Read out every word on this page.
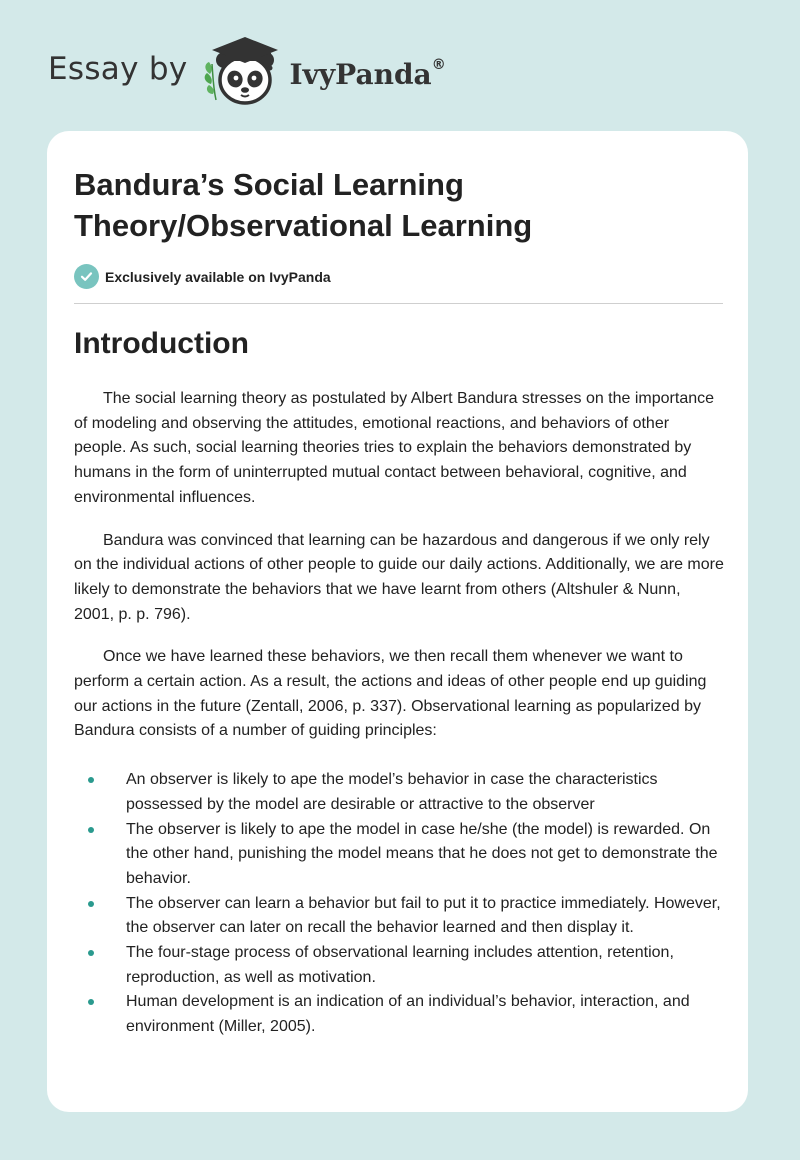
Essay by	IvyPanda®
Bandura’s Social Learning Theory/Observational Learning
Exclusively available on IvyPanda
Introduction

The social learning theory as postulated by Albert Bandura stresses on the importance of modeling and observing the attitudes, emotional reactions, and behaviors of other people. As such, social learning theories tries to explain the behaviors demonstrated by humans in the form of uninterrupted mutual contact between behavioral, cognitive, and environmental influences.

Bandura was convinced that learning can be hazardous and dangerous if we only rely on the individual actions of other people to guide our daily actions. Additionally, we are more likely to demonstrate the behaviors that we have learnt from others (Altshuler & Nunn, 2001, p. p. 796).

Once we have learned these behaviors, we then recall them whenever we want to perform a certain action. As a result, the actions and ideas of other people end up guiding our actions in the future (Zentall, 2006, p. 337). Observational learning as popularized by Bandura consists of a number of guiding principles:

An observer is likely to ape the model’s behavior in case the characteristics possessed by the model are desirable or attractive to the observer
The observer is likely to ape the model in case he/she (the model) is rewarded. On the other hand, punishing the model means that he does not get to demonstrate the behavior.
The observer can learn a behavior but fail to put it to practice immediately. However, the observer can later on recall the behavior learned and then display it.
The four-stage process of observational learning includes attention, retention, reproduction, as well as motivation.
Human development is an indication of an individual’s behavior, interaction, and environment (Miller, 2005).
